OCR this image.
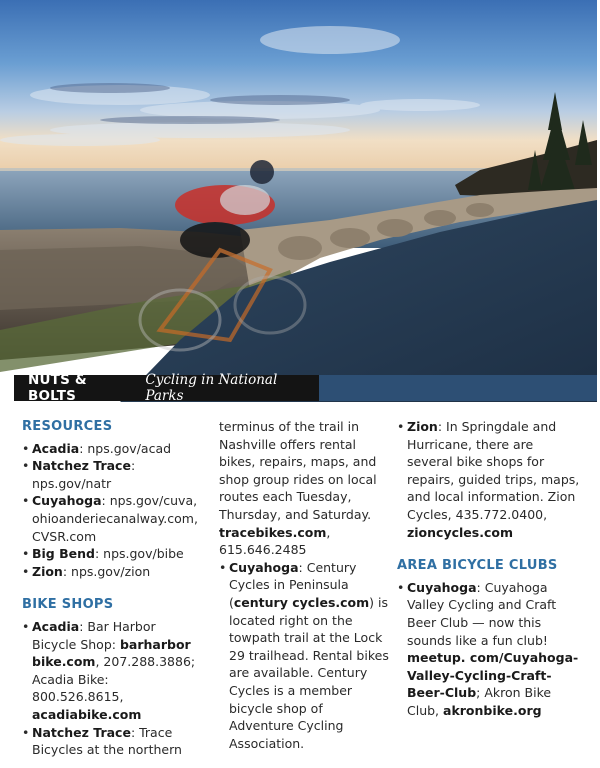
NUTS & BOLTS
Cycling in National Parks
RESOURCES
• Acadia: nps.gov/acad
• Natchez Trace: nps.gov/natr
• Cuyahoga: nps.gov/cuva, ohioanderiecanalway.com, CVSR.com
• Big Bend: nps.gov/bibe
• Zion: nps.gov/zion
BIKE SHOPS
• Acadia: Bar Harbor Bicycle Shop: barharbor bike.com, 207.288.3886; Acadia Bike: 800.526.8615, acadiabike.com
• Natchez Trace: Trace Bicycles at the northern

terminus of the trail in Nashville offers rental bikes, repairs, maps, and shop group rides on local routes each Tuesday, Thursday, and Saturday. tracebikes.com, 615.646.2485

• Cuyahoga: Century Cycles in Peninsula (century cycles.com) is located right on the towpath trail at the Lock 29 trailhead. Rental bikes are available. Century Cycles is a member bicycle shop of Adventure Cycling Association.
• Zion: In Springdale and Hurricane, there are several bike shops for repairs, guided trips, maps, and local information. Zion Cycles, 435.772.0400, zioncycles.com
AREA BICYCLE CLUBS
• Cuyahoga: Cuyahoga Valley Cycling and Craft Beer Club — now this sounds like a fun club! meetup. com/Cuyahoga-Valley-Cycling-Craft-Beer-Club; Akron Bike Club, akronbike.org
